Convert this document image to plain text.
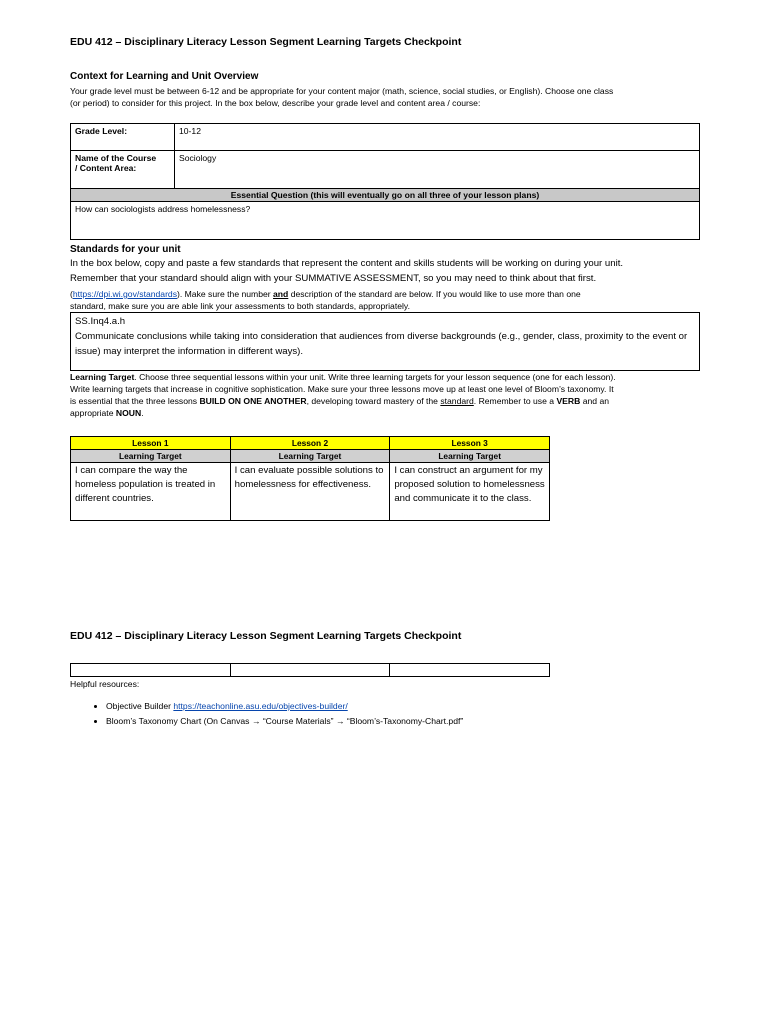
EDU 412 – Disciplinary Literacy Lesson Segment Learning Targets Checkpoint
Context for Learning and Unit Overview
Your grade level must be between 6-12 and be appropriate for your content major (math, science, social studies, or English). Choose one class
(or period) to consider for this project. In the box below, describe your grade level and content area / course:
Grade Level:	10-12

Name of the Course
/ Content Area:	Sociology
Essential Question (this will eventually go on all three of your lesson plans)	
How can sociologists address homelessness?	
Standards for your unit
In the box below, copy and paste a few standards that represent the content and skills students will be working on during your unit.
Remember that your standard should align with your SUMMATIVE ASSESSMENT, so you may need to think about that first.
(https://dpi.wi.gov/standards). Make sure the number and description of the standard are below. If you would like to use more than one
standard, make sure you are able link your assessments to both standards, appropriately.
SS.Inq4.a.h
Communicate conclusions while taking into consideration that audiences from diverse backgrounds (e.g., gender, class, proximity to the event or issue) may interpret the information in different ways).
Learning Target. Choose three sequential lessons within your unit. Write three learning targets for your lesson sequence (one for each lesson).
Write learning targets that increase in cognitive sophistication. Make sure your three lessons move up at least one level of Bloom’s taxonomy. It
is essential that the three lessons BUILD ON ONE ANOTHER, developing toward mastery of the standard. Remember to use a VERB and an
appropriate NOUN.
Lesson 1	Lesson 2	Lesson 3
Learning Target	Learning Target	Learning Target
I can compare the way the homeless population is treated in different countries.	I can evaluate possible solutions to homelessness for effectiveness.	I can construct an argument for my proposed solution to homelessness and communicate it to the class.
EDU 412 – Disciplinary Literacy Lesson Segment Learning Targets Checkpoint

Helpful resources:
• Objective Builder https://teachonline.asu.edu/objectives-builder/
• Bloom’s Taxonomy Chart (On Canvas → “Course Materials” → “Bloom’s-Taxonomy-Chart.pdf”
